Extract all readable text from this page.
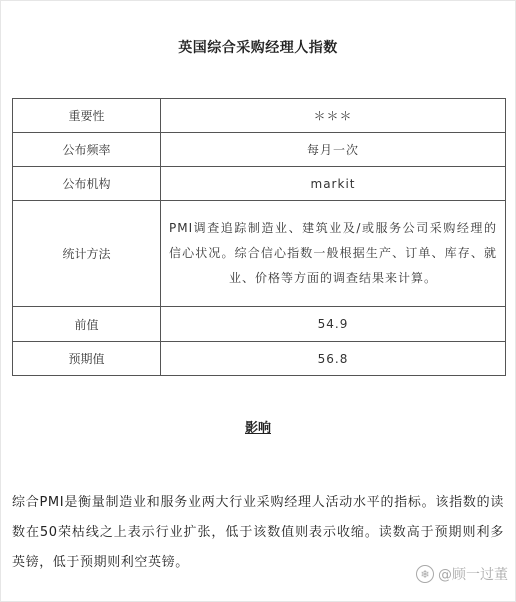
英国综合采购经理人指数
重要性	＊＊＊
公布频率	每月一次
公布机构	markit
统计方法	PMI调查追踪制造业、建筑业及/或服务公司采购经理的信心状况。综合信心指数一般根据生产、订单、库存、就业、价格等方面的调查结果来计算。
前值	54.9
预期值	56.8
影响
综合PMI是衡量制造业和服务业两大行业采购经理人活动水平的指标。该指数的读数在50荣枯线之上表示行业扩张，低于该数值则表示收缩。读数高于预期则利多英镑，低于预期则利空英镑。
❄ @顾一过董
